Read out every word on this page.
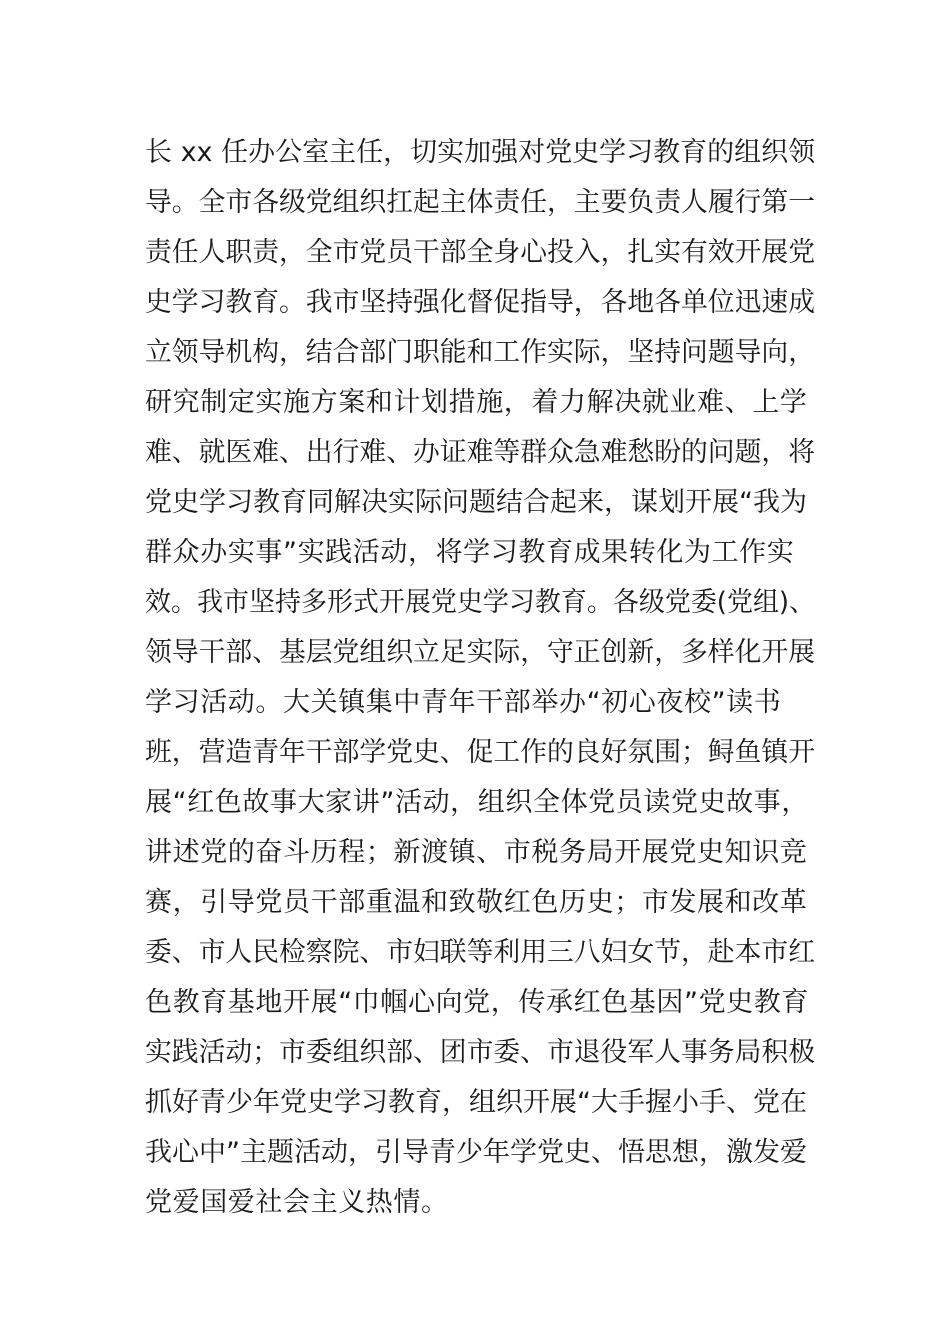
长 xx 任办公室主任，切实加强对党史学习教育的组织领
导。全市各级党组织扛起主体责任，主要负责人履行第一
责任人职责，全市党员干部全身心投入，扎实有效开展党
史学习教育。我市坚持强化督促指导，各地各单位迅速成
立领导机构，结合部门职能和工作实际，坚持问题导向，
研究制定实施方案和计划措施，着力解决就业难、上学
难、就医难、出行难、办证难等群众急难愁盼的问题，将
党史学习教育同解决实际问题结合起来，谋划开展“我为
群众办实事”实践活动，将学习教育成果转化为工作实
效。我市坚持多形式开展党史学习教育。各级党委(党组)、
领导干部、基层党组织立足实际，守正创新，多样化开展
学习活动。大关镇集中青年干部举办“初心夜校”读书
班，营造青年干部学党史、促工作的良好氛围；鲟鱼镇开
展“红色故事大家讲”活动，组织全体党员读党史故事，
讲述党的奋斗历程；新渡镇、市税务局开展党史知识竞
赛，引导党员干部重温和致敬红色历史；市发展和改革
委、市人民检察院、市妇联等利用三八妇女节，赴本市红
色教育基地开展“巾帼心向党，传承红色基因”党史教育
实践活动；市委组织部、团市委、市退役军人事务局积极
抓好青少年党史学习教育，组织开展“大手握小手、党在
我心中”主题活动，引导青少年学党史、悟思想，激发爱
党爱国爱社会主义热情。
